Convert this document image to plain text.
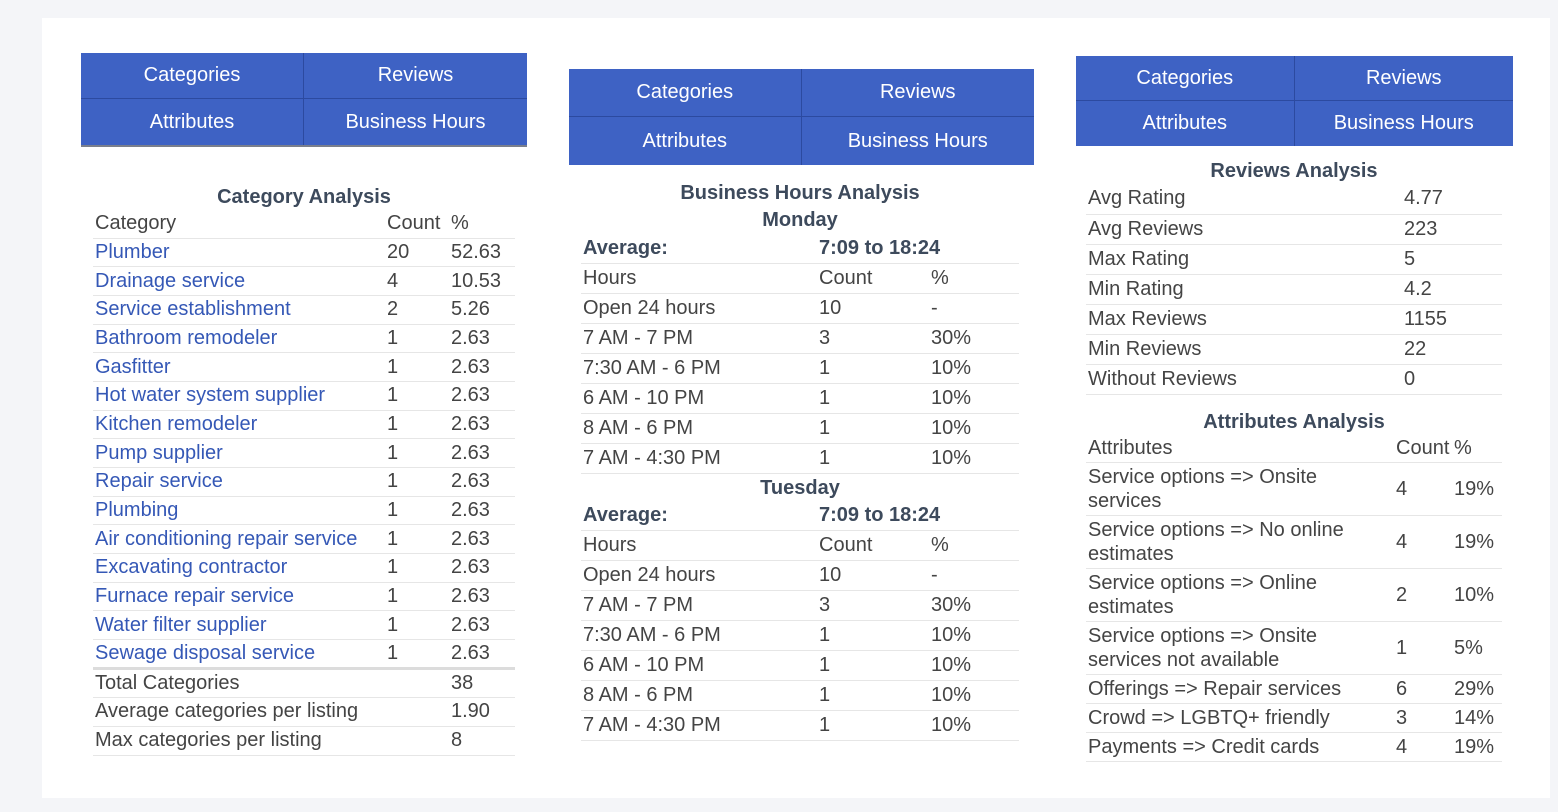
Categories	Reviews
Attributes	Business Hours
Category Analysis
Category	Count	%
Plumber	20	52.63
Drainage service	4	10.53
Service establishment	2	5.26
Bathroom remodeler	1	2.63
Gasfitter	1	2.63
Hot water system supplier	1	2.63
Kitchen remodeler	1	2.63
Pump supplier	1	2.63
Repair service	1	2.63
Plumbing	1	2.63
Air conditioning repair service	1	2.63
Excavating contractor	1	2.63
Furnace repair service	1	2.63
Water filter supplier	1	2.63
Sewage disposal service	1	2.63
Total Categories		38
Average categories per listing		1.90
Max categories per listing		8
Categories	Reviews
Attributes	Business Hours
Business Hours Analysis
Monday
Average:	7:09 to 18:24	
Hours	Count	%
Open 24 hours	10	-
7 AM - 7 PM	3	30%
7:30 AM - 6 PM	1	10%
6 AM - 10 PM	1	10%
8 AM - 6 PM	1	10%
7 AM - 4:30 PM	1	10%
Tuesday
Average:	7:09 to 18:24	
Hours	Count	%
Open 24 hours	10	-
7 AM - 7 PM	3	30%
7:30 AM - 6 PM	1	10%
6 AM - 10 PM	1	10%
8 AM - 6 PM	1	10%
7 AM - 4:30 PM	1	10%
Categories	Reviews
Attributes	Business Hours
Reviews Analysis
Avg Rating	4.77
Avg Reviews	223
Max Rating	5
Min Rating	4.2
Max Reviews	1155
Min Reviews	22
Without Reviews	0
Attributes Analysis
Attributes	Count	%
Service options => Onsite services	4	19%
Service options => No online estimates	4	19%
Service options => Online estimates	2	10%
Service options => Onsite services not available	1	5%
Offerings => Repair services	6	29%
Crowd => LGBTQ+ friendly	3	14%
Payments => Credit cards	4	19%
